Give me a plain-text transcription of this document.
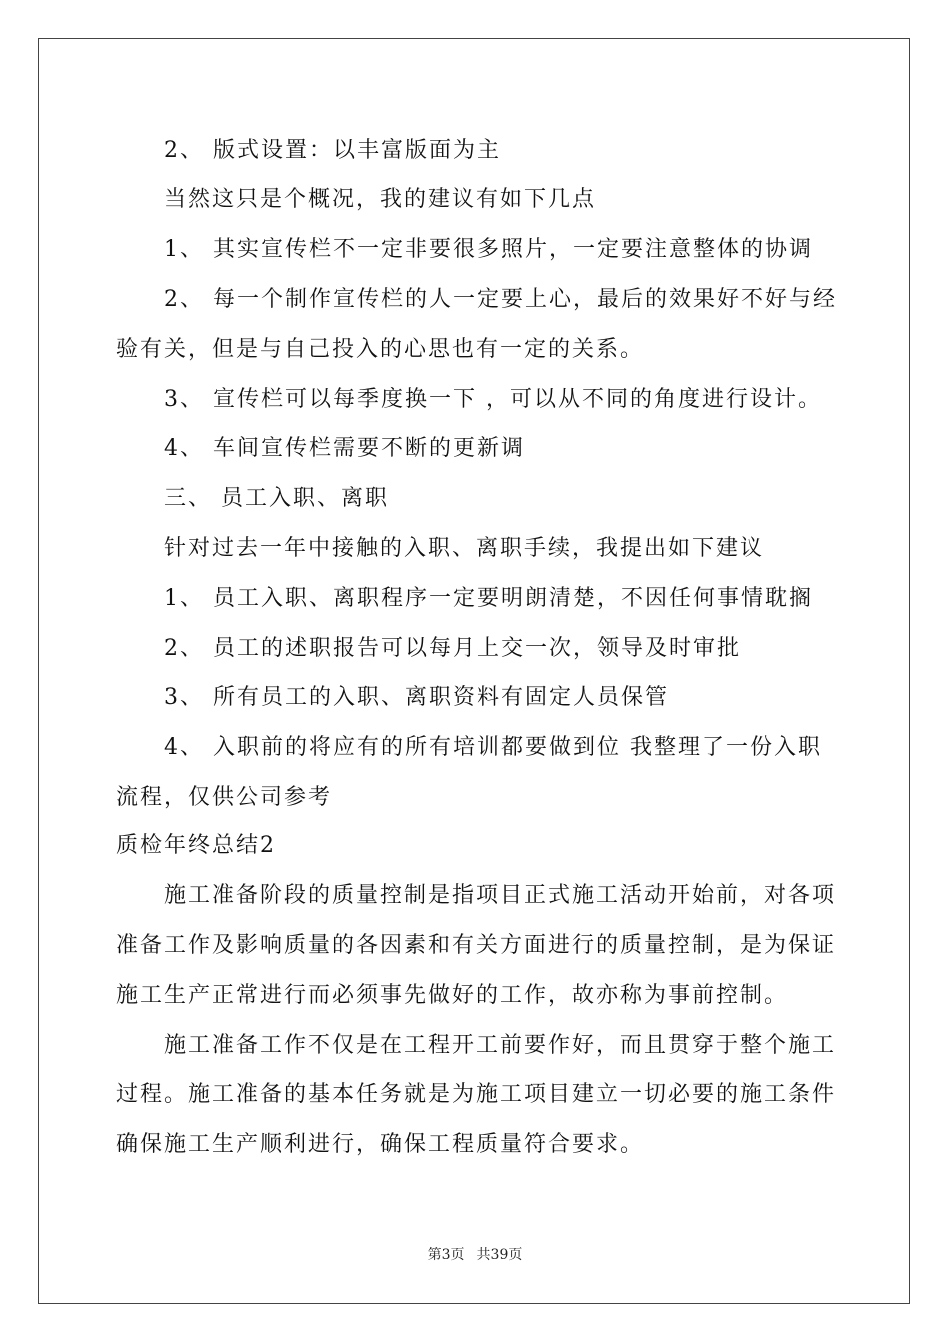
2、 版式设置：以丰富版面为主
当然这只是个概况，我的建议有如下几点
1、 其实宣传栏不一定非要很多照片，一定要注意整体的协调
2、 每一个制作宣传栏的人一定要上心，最后的效果好不好与经
验有关，但是与自己投入的心思也有一定的关系。
3、 宣传栏可以每季度换一下 ，可以从不同的角度进行设计。
4、 车间宣传栏需要不断的更新调
三、 员工入职、离职
针对过去一年中接触的入职、离职手续，我提出如下建议
1、 员工入职、离职程序一定要明朗清楚，不因任何事情耽搁
2、 员工的述职报告可以每月上交一次，领导及时审批
3、 所有员工的入职、离职资料有固定人员保管
4、 入职前的将应有的所有培训都要做到位 我整理了一份入职
流程，仅供公司参考
质检年终总结2
施工准备阶段的质量控制是指项目正式施工活动开始前，对各项
准备工作及影响质量的各因素和有关方面进行的质量控制，是为保证
施工生产正常进行而必须事先做好的工作，故亦称为事前控制。
施工准备工作不仅是在工程开工前要作好，而且贯穿于整个施工
过程。施工准备的基本任务就是为施工项目建立一切必要的施工条件
确保施工生产顺利进行，确保工程质量符合要求。
第3页 共39页
